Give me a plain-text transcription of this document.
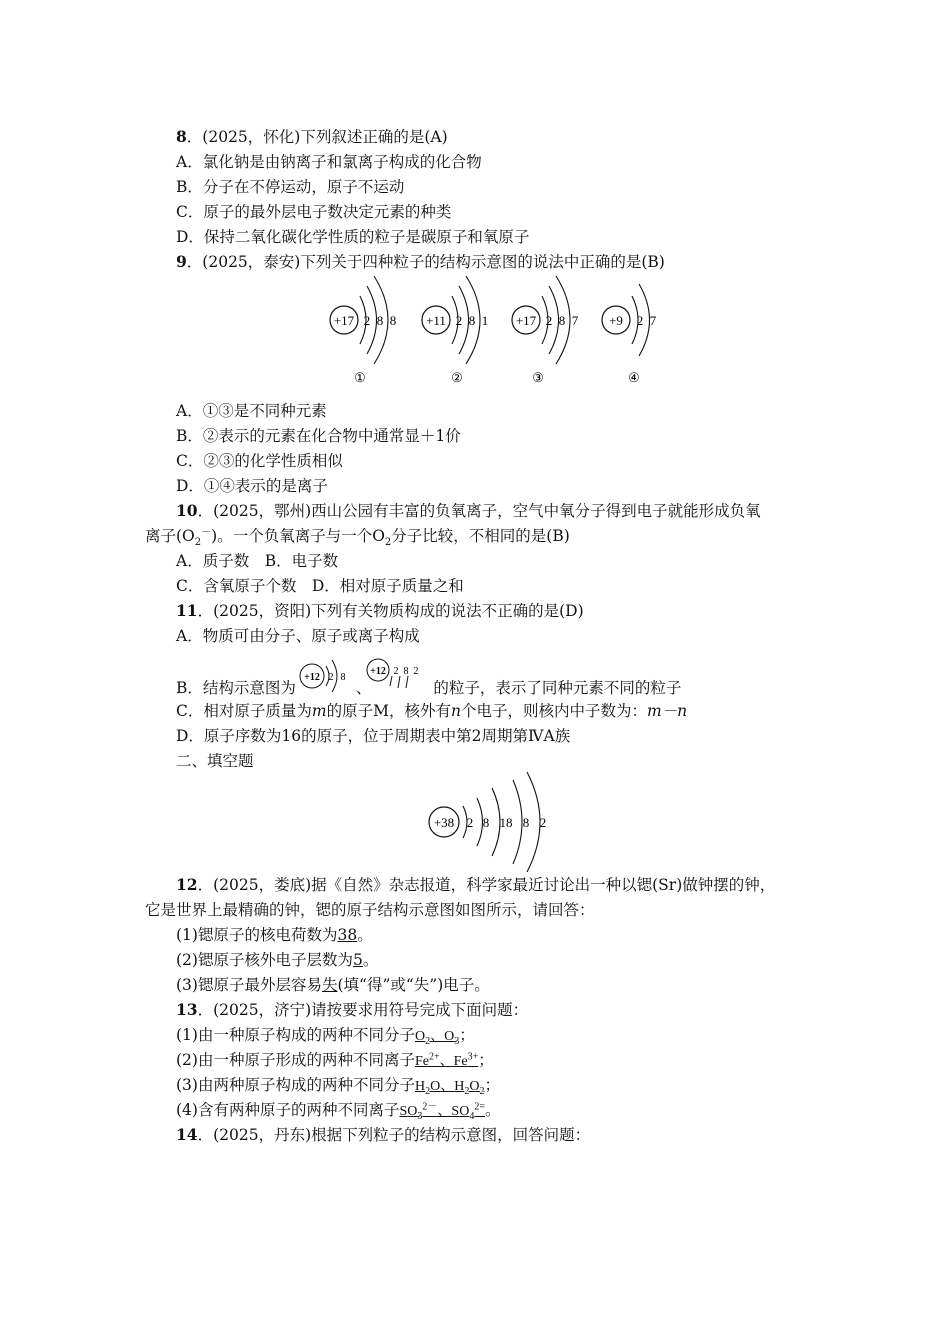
8．(2025，怀化)下列叙述正确的是(A)
A．氯化钠是由钠离子和氯离子构成的化合物
B．分子在不停运动，原子不运动
C．原子的最外层电子数决定元素的种类
D．保持二氧化碳化学性质的粒子是碳原子和氧原子
9．(2025，泰安)下列关于四种粒子的结构示意图的说法中正确的是(B)
+17 2 8 8
①
+11 2 8 1
②
+17 2 8 7
③
+9 2 7
④
A．①③是不同种元素
B．②表示的元素在化合物中通常显＋1价
C．②③的化学性质相似
D．①④表示的是离子
10．(2025，鄂州)西山公园有丰富的负氧离子，空气中氧分子得到电子就能形成负氧
离子$(O_2^-)$。一个负氧离子与一个$O_2$分子比较，不相同的是(B)
A．质子数　B．电子数
C．含氧原子个数　D．相对原子质量之和
11．(2025，资阳)下列有关物质构成的说法不正确的是(D)
A．物质可由分子、原子或离子构成
B．结构示意图为	、	的粒子，表示了同种元素不同的粒子
+12 2 8
+12 2 8 2
C．相对原子质量为m的原子M，核外有n个电子，则核内中子数为：m－n
D．原子序数为16的原子，位于周期表中第2周期第ⅣA族
二、填空题
+38 2 8 18 8 2
12．(2025，娄底)据《自然》杂志报道，科学家最近讨论出一种以锶(Sr)做钟摆的钟，
它是世界上最精确的钟，锶的原子结构示意图如图所示，请回答：
(1)锶原子的核电荷数为38。
(2)锶原子核外电子层数为5。
(3)锶原子最外层容易失(填“得”或“失”)电子。
13．(2025，济宁)请按要求用符号完成下面问题：
(1)由一种原子构成的两种不同分子$O_2$、$O_3$；
(2)由一种原子形成的两种不同离子$Fe^{2+}$、$Fe^{3+}$；
(3)由两种原子构成的两种不同分子$H_2O$、$H_2O_2$；
(4)含有两种原子的两种不同离子$SO_3^{2-}$、$SO_4^{2=}$。
14．(2025，丹东)根据下列粒子的结构示意图，回答问题：
